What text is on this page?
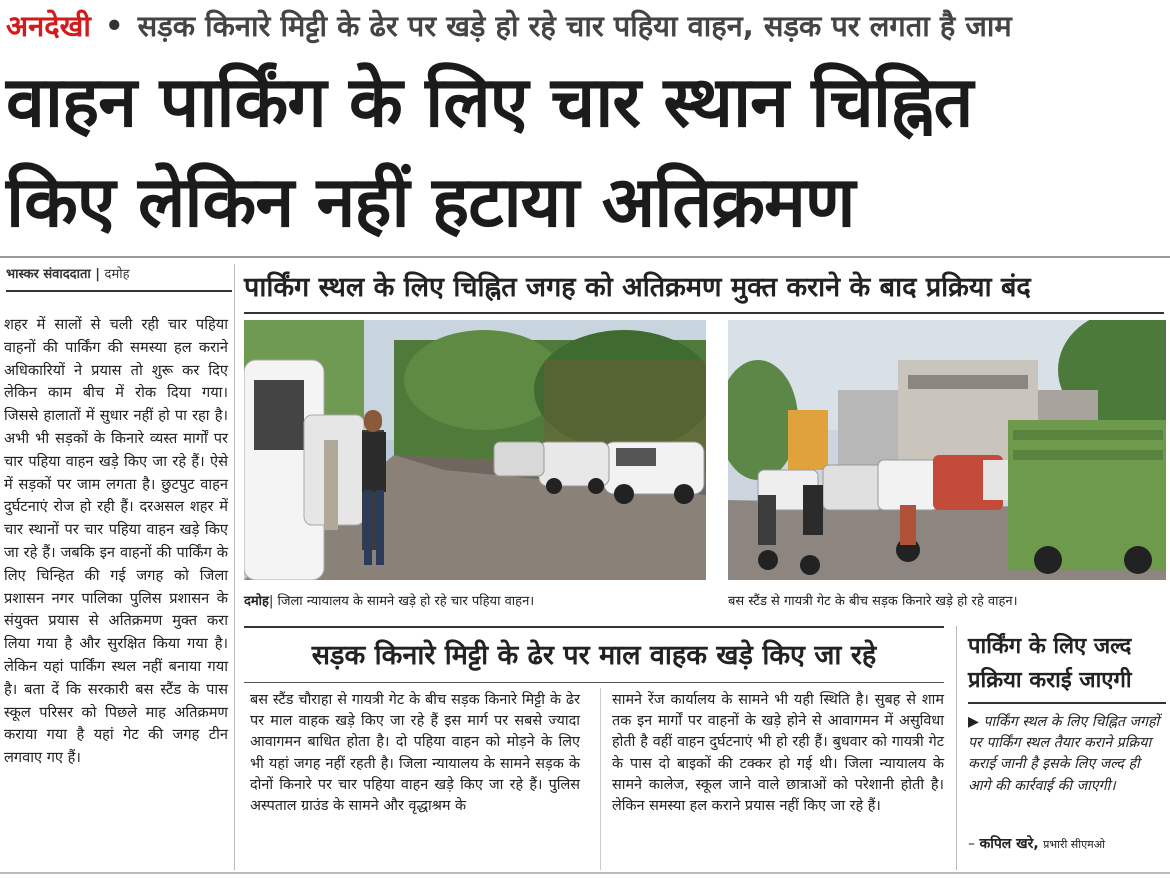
अनदेखी • सड़क किनारे मिट्टी के ढेर पर खड़े हो रहे चार पहिया वाहन, सड़क पर लगता है जाम
वाहन पार्किंग के लिए चार स्थान चिह्नित
किए लेकिन नहीं हटाया अतिक्रमण
भास्कर संवाददाता | दमोह
शहर में सालों से चली रही चार पहिया वाहनों की पार्किंग की समस्या हल कराने अधिकारियों ने प्रयास तो शुरू कर दिए लेकिन काम बीच में रोक दिया गया। जिससे हालातों में सुधार नहीं हो पा रहा है। अभी भी सड़कों के किनारे व्यस्त मार्गों पर चार पहिया वाहन खड़े किए जा रहे हैं। ऐसे में सड़कों पर जाम लगता है। छुटपुट वाहन दुर्घटनाएं रोज हो रही हैं। दरअसल शहर में चार स्थानों पर चार पहिया वाहन खड़े किए जा रहे हैं। जबकि इन वाहनों की पार्किंग के लिए चिन्हित की गई जगह को जिला प्रशासन नगर पालिका पुलिस प्रशासन के संयुक्त प्रयास से अतिक्रमण मुक्त करा लिया गया है और सुरक्षित किया गया है। लेकिन यहां पार्किंग स्थल नहीं बनाया गया है। बता दें कि सरकारी बस स्टैंड के पास स्कूल परिसर को पिछले माह अतिक्रमण कराया गया है यहां गेट की जगह टीन लगवाए गए हैं।
पार्किंग स्थल के लिए चिह्नित जगह को अतिक्रमण मुक्त कराने के बाद प्रक्रिया बंद
दमोह| जिला न्यायालय के सामने खड़े हो रहे चार पहिया वाहन।	बस स्टैंड से गायत्री गेट के बीच सड़क किनारे खड़े हो रहे वाहन।
सड़क किनारे मिट्टी के ढेर पर माल वाहक खड़े किए जा रहे
बस स्टैंड चौराहा से गायत्री गेट के बीच सड़क किनारे मिट्टी के ढेर पर माल वाहक खड़े किए जा रहे हैं इस मार्ग पर सबसे ज्यादा आवागमन बाधित होता है। दो पहिया वाहन को मोड़ने के लिए भी यहां जगह नहीं रहती है। जिला न्यायालय के सामने सड़क के दोनों किनारे पर चार पहिया वाहन खड़े किए जा रहे हैं। पुलिस अस्पताल ग्राउंड के सामने और वृद्धाश्रम के
सामने रेंज कार्यालय के सामने भी यही स्थिति है। सुबह से शाम तक इन मार्गों पर वाहनों के खड़े होने से आवागमन में असुविधा होती है वहीं वाहन दुर्घटनाएं भी हो रही हैं। बुधवार को गायत्री गेट के पास दो बाइकों की टक्कर हो गई थी। जिला न्यायालय के सामने कालेज, स्कूल जाने वाले छात्राओं को परेशानी होती है। लेकिन समस्या हल कराने प्रयास नहीं किए जा रहे हैं।
पार्किंग के लिए जल्द प्रक्रिया कराई जाएगी
▶ पार्किंग स्थल के लिए चिह्नित जगहों पर पार्किंग स्थल तैयार कराने प्रक्रिया कराई जानी है इसके लिए जल्द ही आगे की कार्रवाई की जाएगी।
– कपिल खरे, प्रभारी सीएमओ
